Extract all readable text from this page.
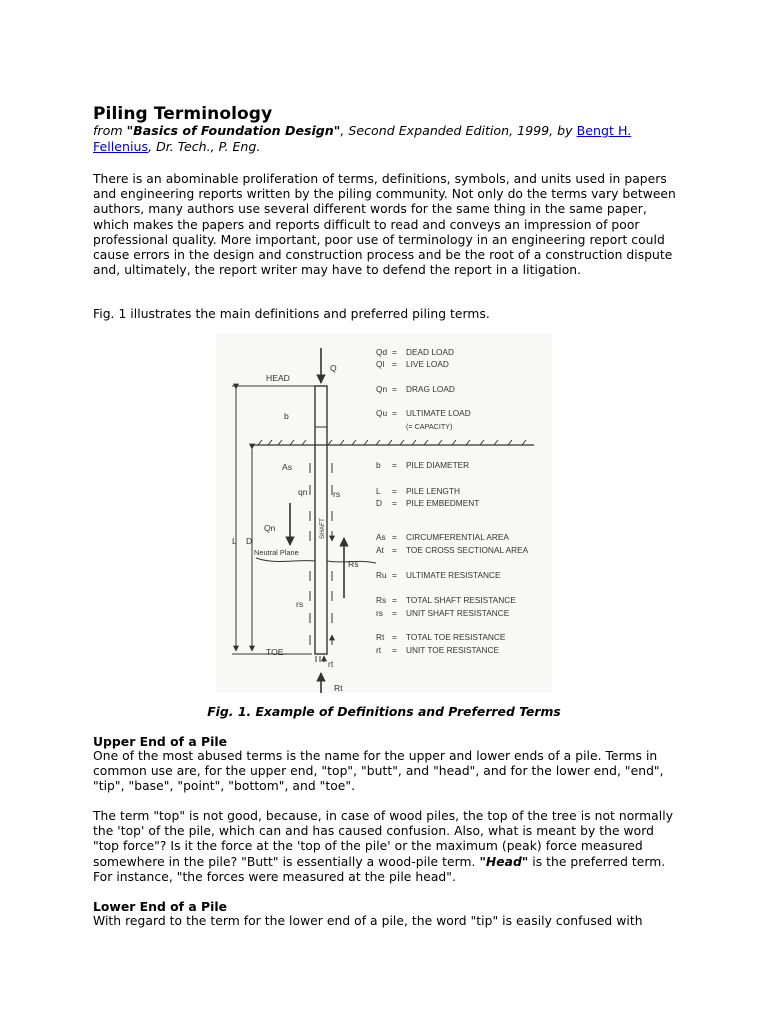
Piling Terminology
from "Basics of Foundation Design", Second Expanded Edition, 1999, by Bengt H. Fellenius, Dr. Tech., P. Eng.

There is an abominable proliferation of terms, definitions, symbols, and units used in papers and engineering reports written by the piling community. Not only do the terms vary between authors, many authors use several different words for the same thing in the same paper, which makes the papers and reports difficult to read and conveys an impression of poor professional quality. More important, poor use of terminology in an engineering report could cause errors in the design and construction process and be the root of a construction dispute and, ultimately, the report writer may have to defend the report in a litigation.

Fig. 1 illustrates the main definitions and preferred piling terms.

HEAD
TOE
b
L D
Q
As
qn	rs
Qn
Neutral Plane
SHAFT
Rs
rs
rt
Rt
Qd = DEAD LOAD
Ql = LIVE LOAD
Qn = DRAG LOAD
Qu = ULTIMATE LOAD
(= CAPACITY)
b = PILE DIAMETER
L = PILE LENGTH
D = PILE EMBEDMENT
As = CIRCUMFERENTIAL AREA
At = TOE CROSS SECTIONAL AREA
Ru = ULTIMATE RESISTANCE
Rs = TOTAL SHAFT RESISTANCE
rs = UNIT SHAFT RESISTANCE
Rt = TOTAL TOE RESISTANCE
rt = UNIT TOE RESISTANCE
Fig. 1. Example of Definitions and Preferred Terms
Upper End of a Pile

One of the most abused terms is the name for the upper and lower ends of a pile. Terms in common use are, for the upper end, "top", "butt", and "head", and for the lower end, "end", "tip", "base", "point", "bottom", and "toe".

The term "top" is not good, because, in case of wood piles, the top of the tree is not normally the 'top' of the pile, which can and has caused confusion. Also, what is meant by the word "top force"? Is it the force at the 'top of the pile' or the maximum (peak) force measured somewhere in the pile? "Butt" is essentially a wood-pile term. "Head" is the preferred term. For instance, "the forces were measured at the pile head".

Lower End of a Pile

With regard to the term for the lower end of a pile, the word "tip" is easily confused with
